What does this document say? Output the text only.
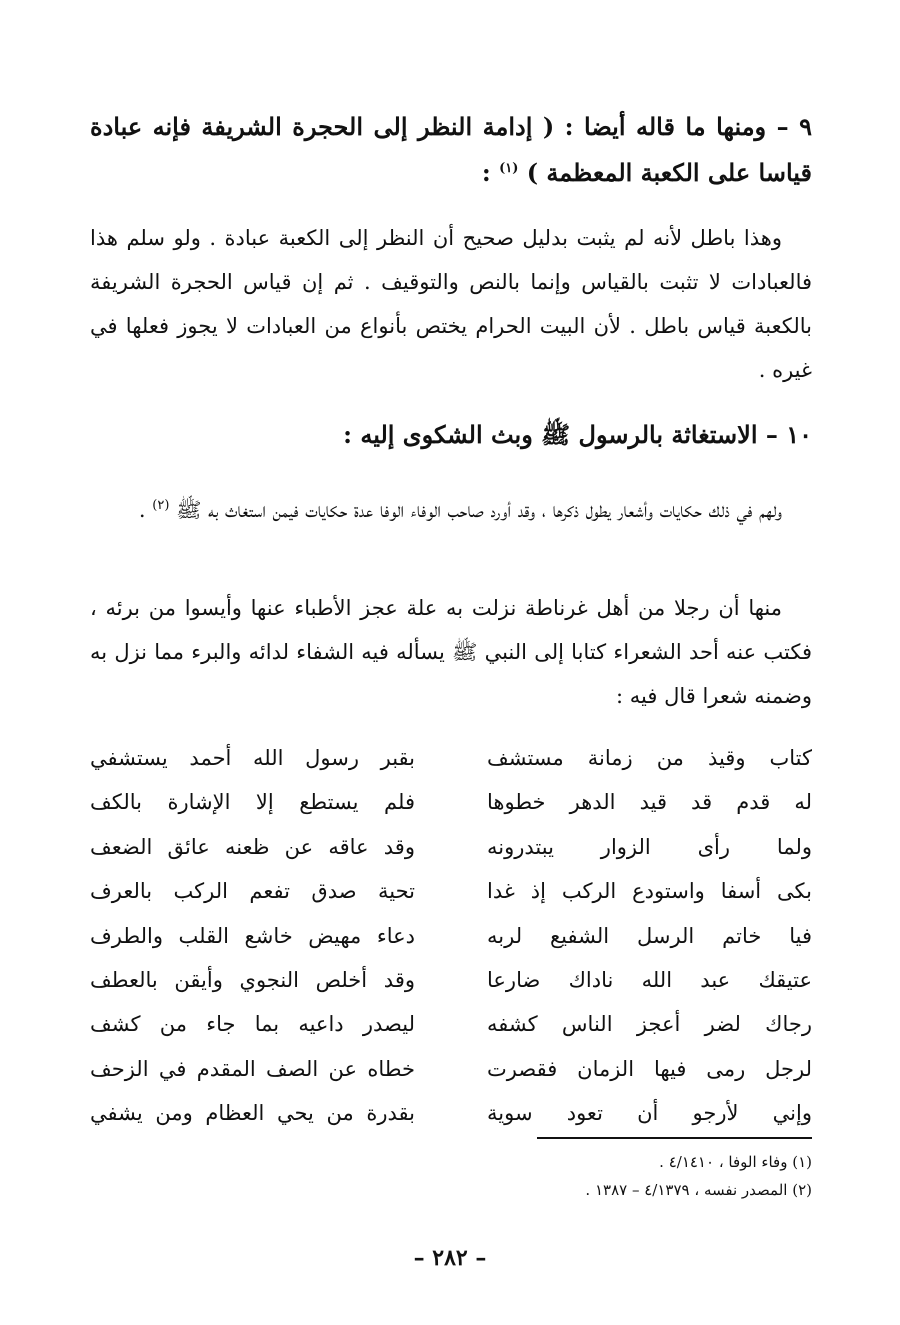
٩ – ومنها ما قاله أيضا : ( إدامة النظر إلى الحجرة الشريفة فإنه عبادة قياسا على الكعبة المعظمة ) $^{(١)}$ :

وهذا باطل لأنه لم يثبت بدليل صحيح أن النظر إلى الكعبة عبادة . ولو سلم هذا فالعبادات لا تثبت بالقياس وإنما بالنص والتوقيف . ثم إن قياس الحجرة الشريفة بالكعبة قياس باطل . لأن البيت الحرام يختص بأنواع من العبادات لا يجوز فعلها في غيره .

١٠ – الاستغاثة بالرسول ﷺ وبث الشكوى إليه :

ولهم في ذلك حكايات وأشعار يطول ذكرها ، وقد أورد صاحب الوفاء الوفا عدة حكايات فيمن استغاث به ﷺ $^{(٢)}$ .

منها أن رجلا من أهل غرناطة نزلت به علة عجز الأطباء عنها وأيسوا من برئه ، فكتب عنه أحد الشعراء كتابا إلى النبي ﷺ يسأله فيه الشفاء لدائه والبرء مما نزل به وضمنه شعرا قال فيه :

كتاب وقيذ من زمانة مستشف
بقبر رسول الله أحمد يستشفي
له قدم قد قيد الدهر خطوها
فلم يستطع إلا الإشارة بالكف
ولما رأى الزوار يبتدرونه
وقد عاقه عن ظعنه عائق الضعف
بكى أسفا واستودع الركب إذ غدا
تحية صدق تفعم الركب بالعرف
فيا خاتم الرسل الشفيع لربه
دعاء مهيض خاشع القلب والطرف
عتيقك عبد الله ناداك ضارعا
وقد أخلص النجوي وأيقن بالعطف
رجاك لضر أعجز الناس كشفه
ليصدر داعيه بما جاء من كشف
لرجل رمى فيها الزمان فقصرت
خطاه عن الصف المقدم في الزحف
وإني لأرجو أن تعود سوية
بقدرة من يحي العظام ومن يشفي
(١) وفاء الوفا ، ٤/١٤١٠ .
(٢) المصدر نفسه ، ٤/١٣٧٩ – ١٣٨٧ .
– ٢٨٢ –
